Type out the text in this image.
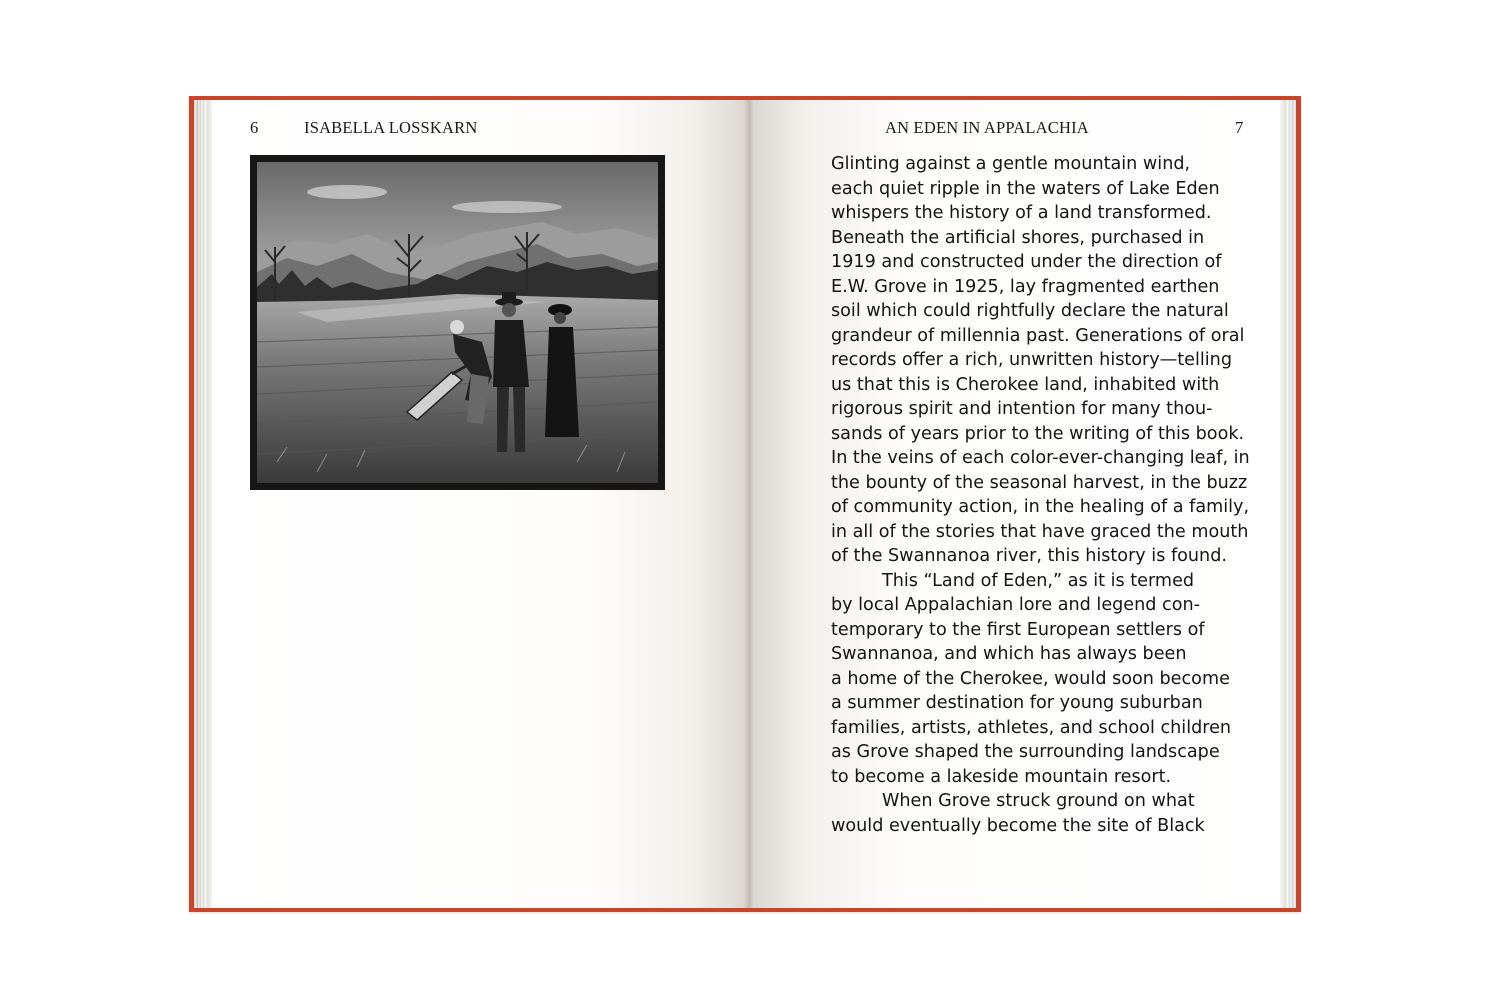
6	ISABELLA LOSSKARN	AN EDEN IN APPALACHIA	7
Glinting against a gentle mountain wind,
each quiet ripple in the waters of Lake Eden
whispers the history of a land transformed.
Beneath the artificial shores, purchased in
1919 and constructed under the direction of
E.W. Grove in 1925, lay fragmented earthen
soil which could rightfully declare the natural
grandeur of millennia past. Generations of oral
records offer a rich, unwritten history—telling
us that this is Cherokee land, inhabited with
rigorous spirit and intention for many thou-
sands of years prior to the writing of this book.
In the veins of each color-ever-changing leaf, in
the bounty of the seasonal harvest, in the buzz
of community action, in the healing of a family,
in all of the stories that have graced the mouth
of the Swannanoa river, this history is found.
This “Land of Eden,” as it is termed
by local Appalachian lore and legend con-
temporary to the first European settlers of
Swannanoa, and which has always been
a home of the Cherokee, would soon become
a summer destination for young suburban
families, artists, athletes, and school children
as Grove shaped the surrounding landscape
to become a lakeside mountain resort.
When Grove struck ground on what
would eventually become the site of Black
